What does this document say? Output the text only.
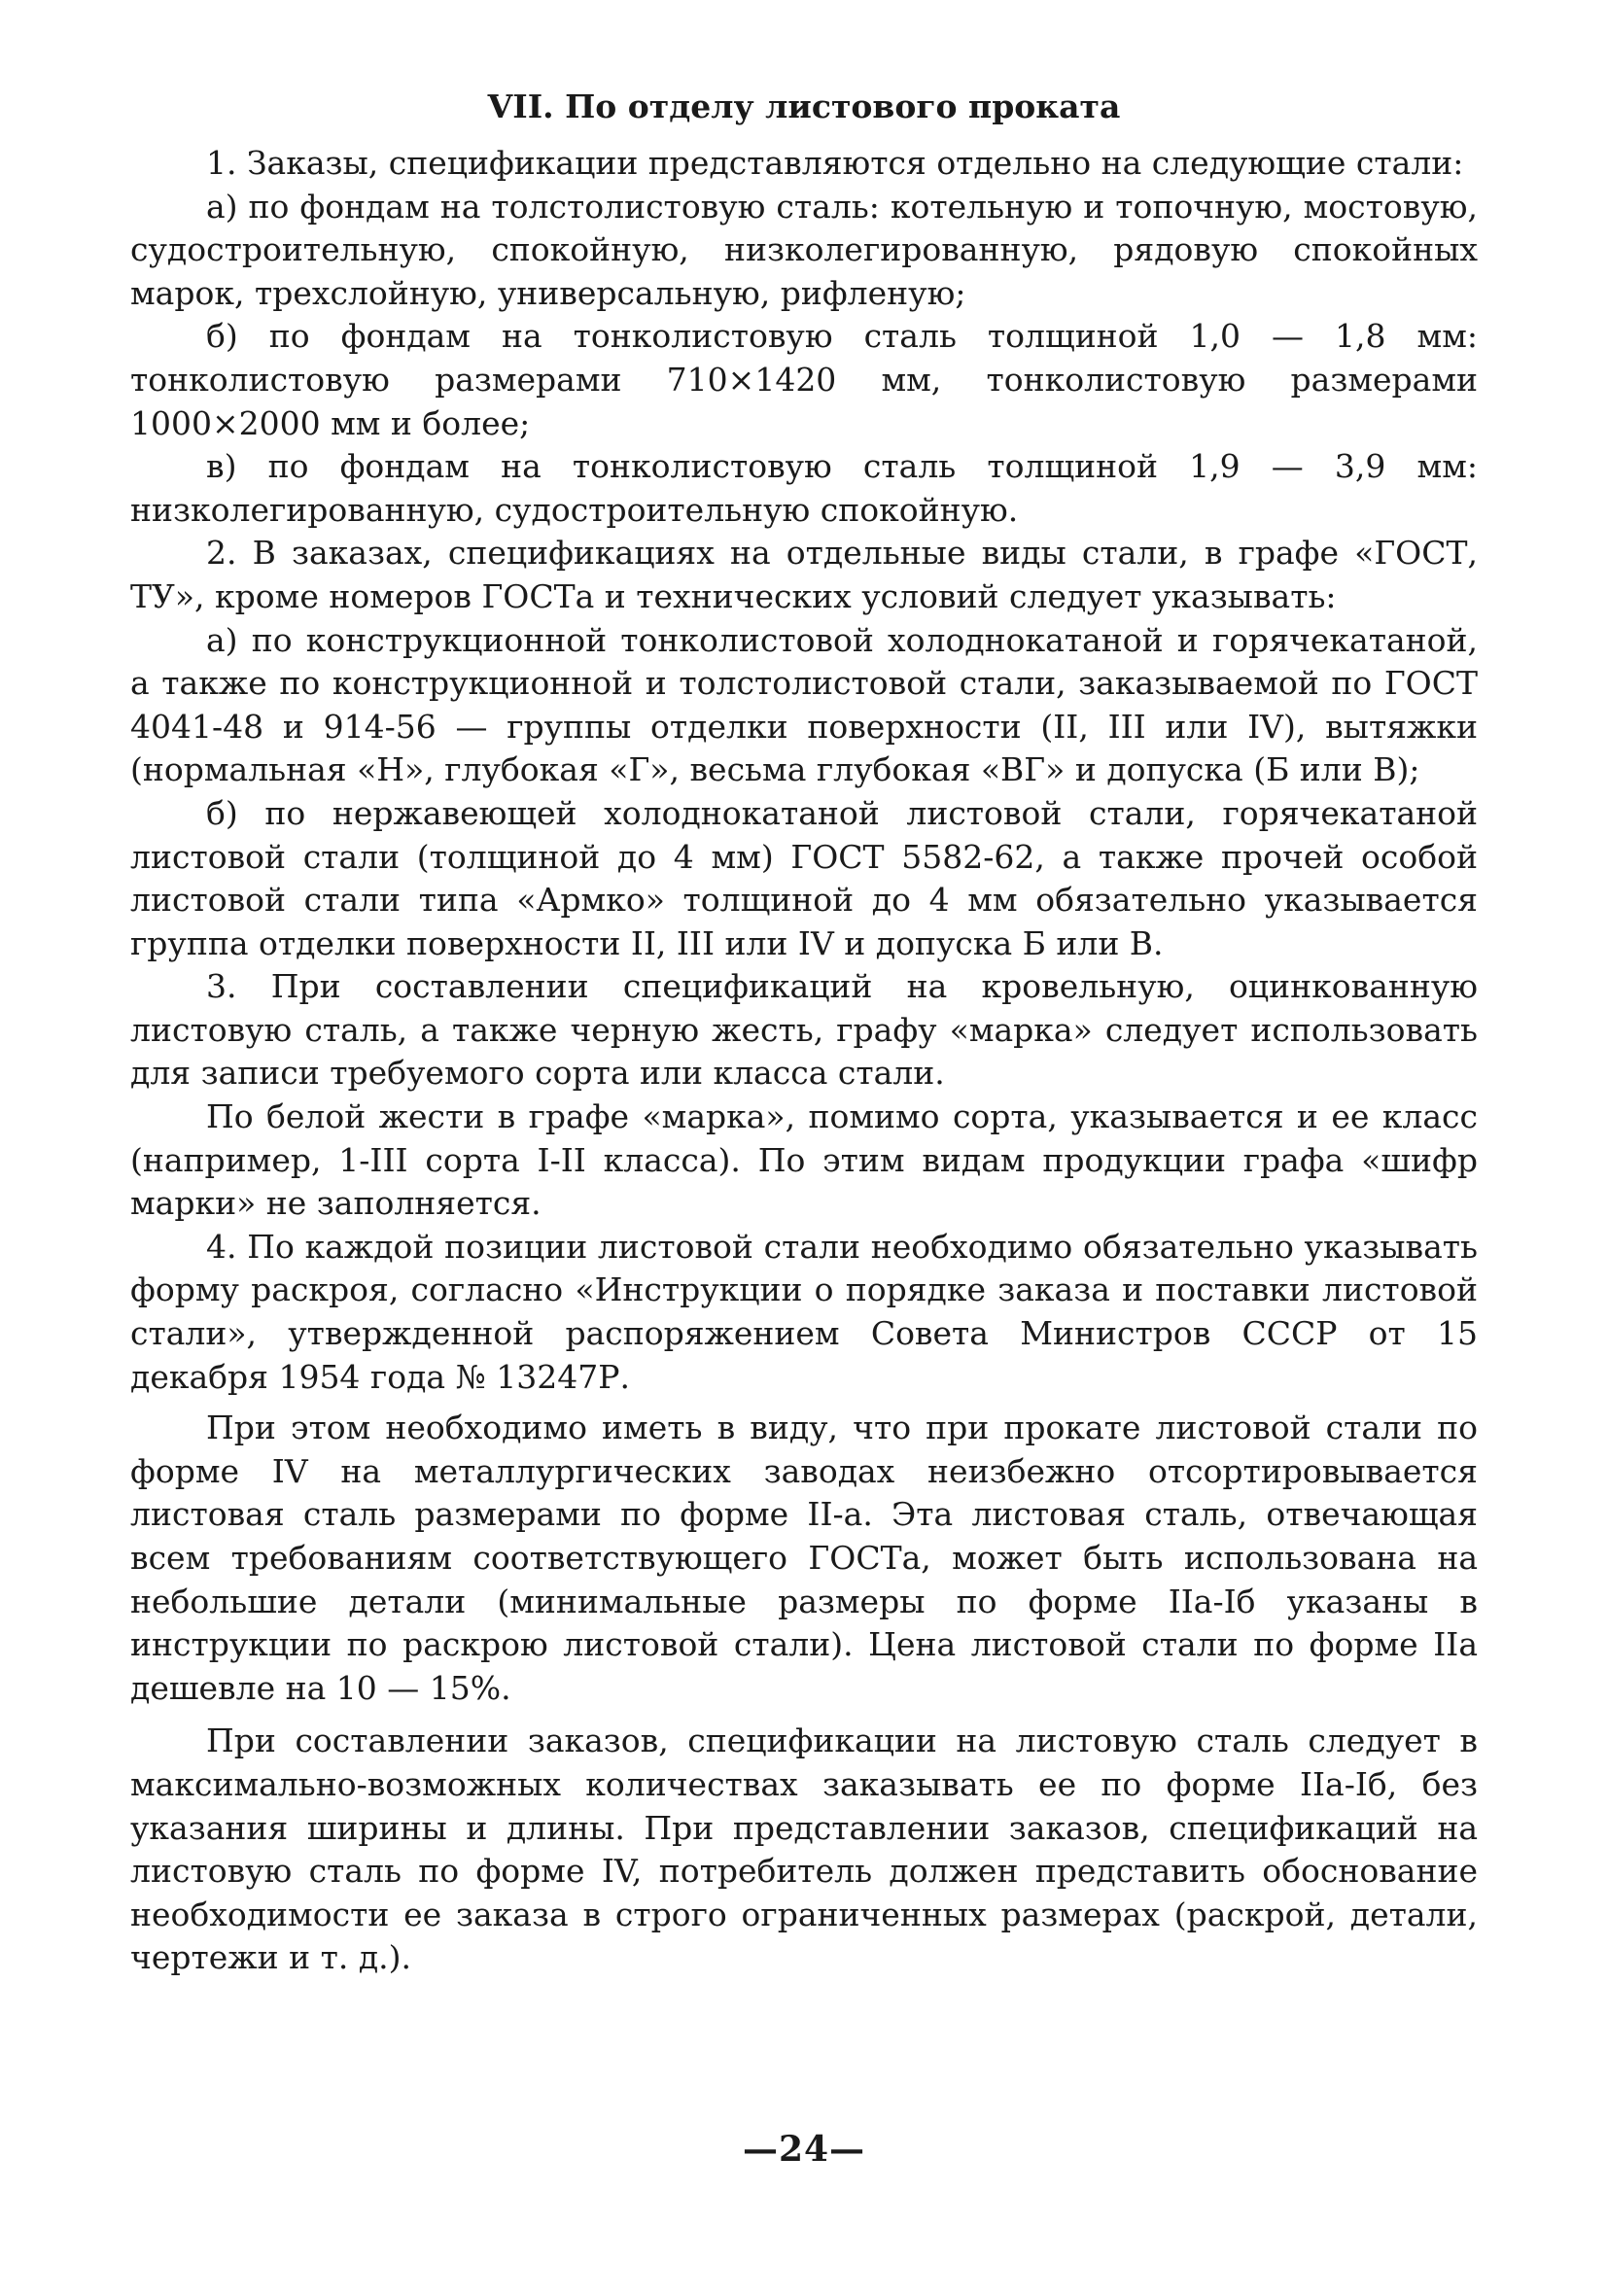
VII. По отделу листового проката

1. Заказы, спецификации представляются отдельно на следующие стали:

а) по фондам на толстолистовую сталь: котельную и топочную, мостовую, судостроительную, спокойную, низколегированную, рядовую спокойных марок, трехслойную, универсальную, рифленую;

б) по фондам на тонколистовую сталь толщиной 1,0 — 1,8 мм: тонколистовую размерами 710×1420 мм, тонколистовую размерами 1000×2000 мм и более;

в) по фондам на тонколистовую сталь толщиной 1,9 — 3,9 мм: низколегированную, судостроительную спокойную.

2. В заказах, спецификациях на отдельные виды стали, в графе «ГОСТ, ТУ», кроме номеров ГОСТа и технических условий следует указывать:

а) по конструкционной тонколистовой холоднокатаной и горячекатаной, а также по конструкционной и толстолистовой стали, заказываемой по ГОСТ 4041-48 и 914-56 — группы отделки поверхности (II, III или IV), вытяжки (нормальная «Н», глубокая «Г», весьма глубокая «ВГ» и допуска (Б или В);

б) по нержавеющей холоднокатаной листовой стали, горячекатаной листовой стали (толщиной до 4 мм) ГОСТ 5582-62, а также прочей особой листовой стали типа «Армко» толщиной до 4 мм обязательно указывается группа отделки поверхности II, III или IV и допуска Б или В.

3. При составлении спецификаций на кровельную, оцинкованную листовую сталь, а также черную жесть, графу «марка» следует использовать для записи требуемого сорта или класса стали.

По белой жести в графе «марка», помимо сорта, указывается и ее класс (например, 1-III сорта I-II класса). По этим видам продукции графа «шифр марки» не заполняется.

4. По каждой позиции листовой стали необходимо обязательно указывать форму раскроя, согласно «Инструкции о порядке заказа и поставки листовой стали», утвержденной распоряжением Совета Министров СССР от 15 декабря 1954 года № 13247Р.

При этом необходимо иметь в виду, что при прокате листовой стали по форме IV на металлургических заводах неизбежно отсортировывается листовая сталь размерами по форме II-а. Эта листовая сталь, отвечающая всем требованиям соответствующего ГОСТа, может быть использована на небольшие детали (минимальные размеры по форме IIа-Iб указаны в инструкции по раскрою листовой стали). Цена листовой стали по форме IIа дешевле на 10 — 15%.

При составлении заказов, спецификации на листовую сталь следует в максимально-возможных количествах заказывать ее по форме IIа-Iб, без указания ширины и длины. При представлении заказов, спецификаций на листовую сталь по форме IV, потребитель должен представить обоснование необходимости ее заказа в строго ограниченных размерах (раскрой, детали, чертежи и т. д.).

—24—
